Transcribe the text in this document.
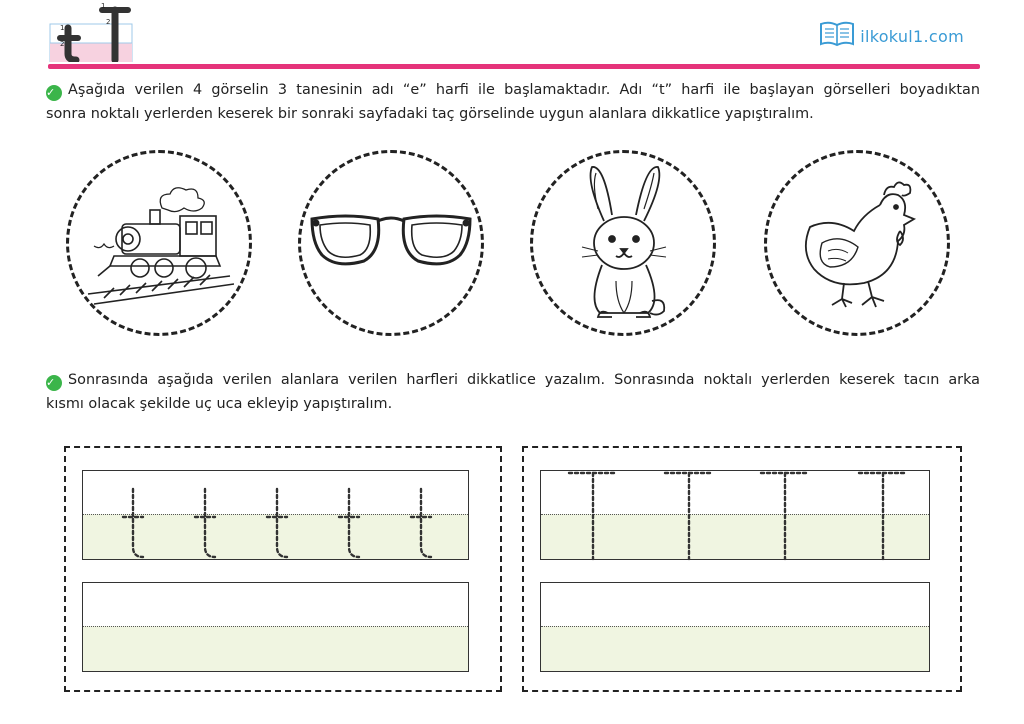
1
2
1
2
ilkokul1.com

✓ Aşağıda verilen 4 görselin 3 tanesinin adı “e” harfi ile başlamaktadır. Adı “t” harfi ile başlayan görselleri boyadıktan

sonra noktalı yerlerden keserek bir sonraki sayfadaki taç görselinde uygun alanlara dikkatlice yapıştıralım.

✓ Sonrasında aşağıda verilen alanlara verilen harfleri dikkatlice yazalım. Sonrasında noktalı yerlerden keserek tacın arka

kısmı olacak şekilde uç uca ekleyip yapıştıralım.
